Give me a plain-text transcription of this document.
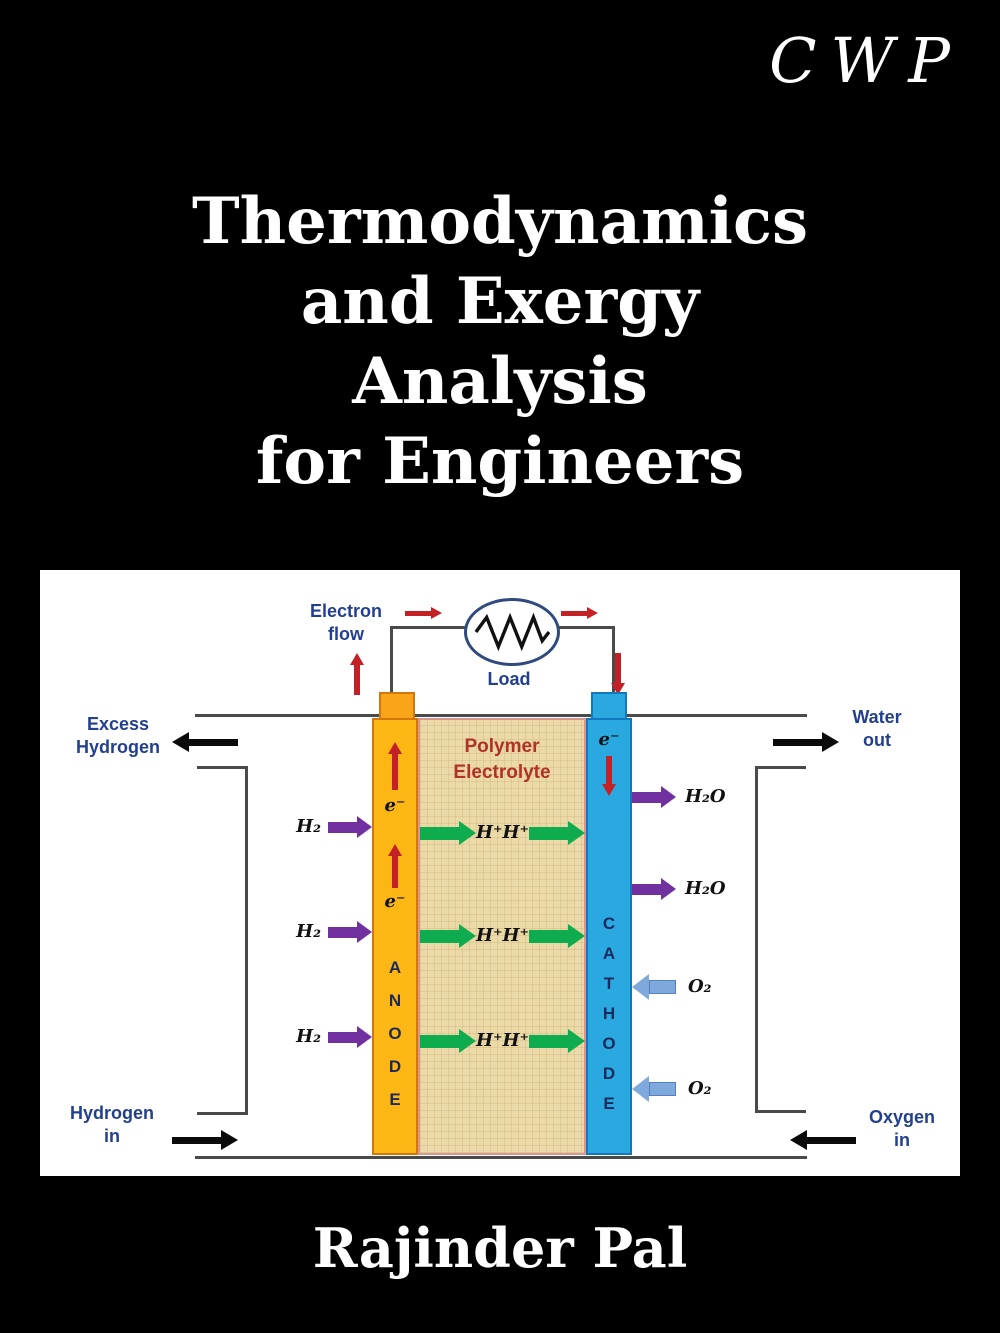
CWP
Thermodynamics
and Exergy
Analysis
for Engineers
Load
Electron
flow
Polymer
Electrolyte
e⁻
e⁻
A
N
O
D
E
e⁻
C
A
T
H
O
D
E
H⁺ H⁺
H⁺ H⁺
H⁺ H⁺
H₂
H₂
H₂
H₂O
H₂O
O₂
O₂
Excess
Hydrogen
Water
out
Hydrogen
in
Oxygen
in
Rajinder Pal
